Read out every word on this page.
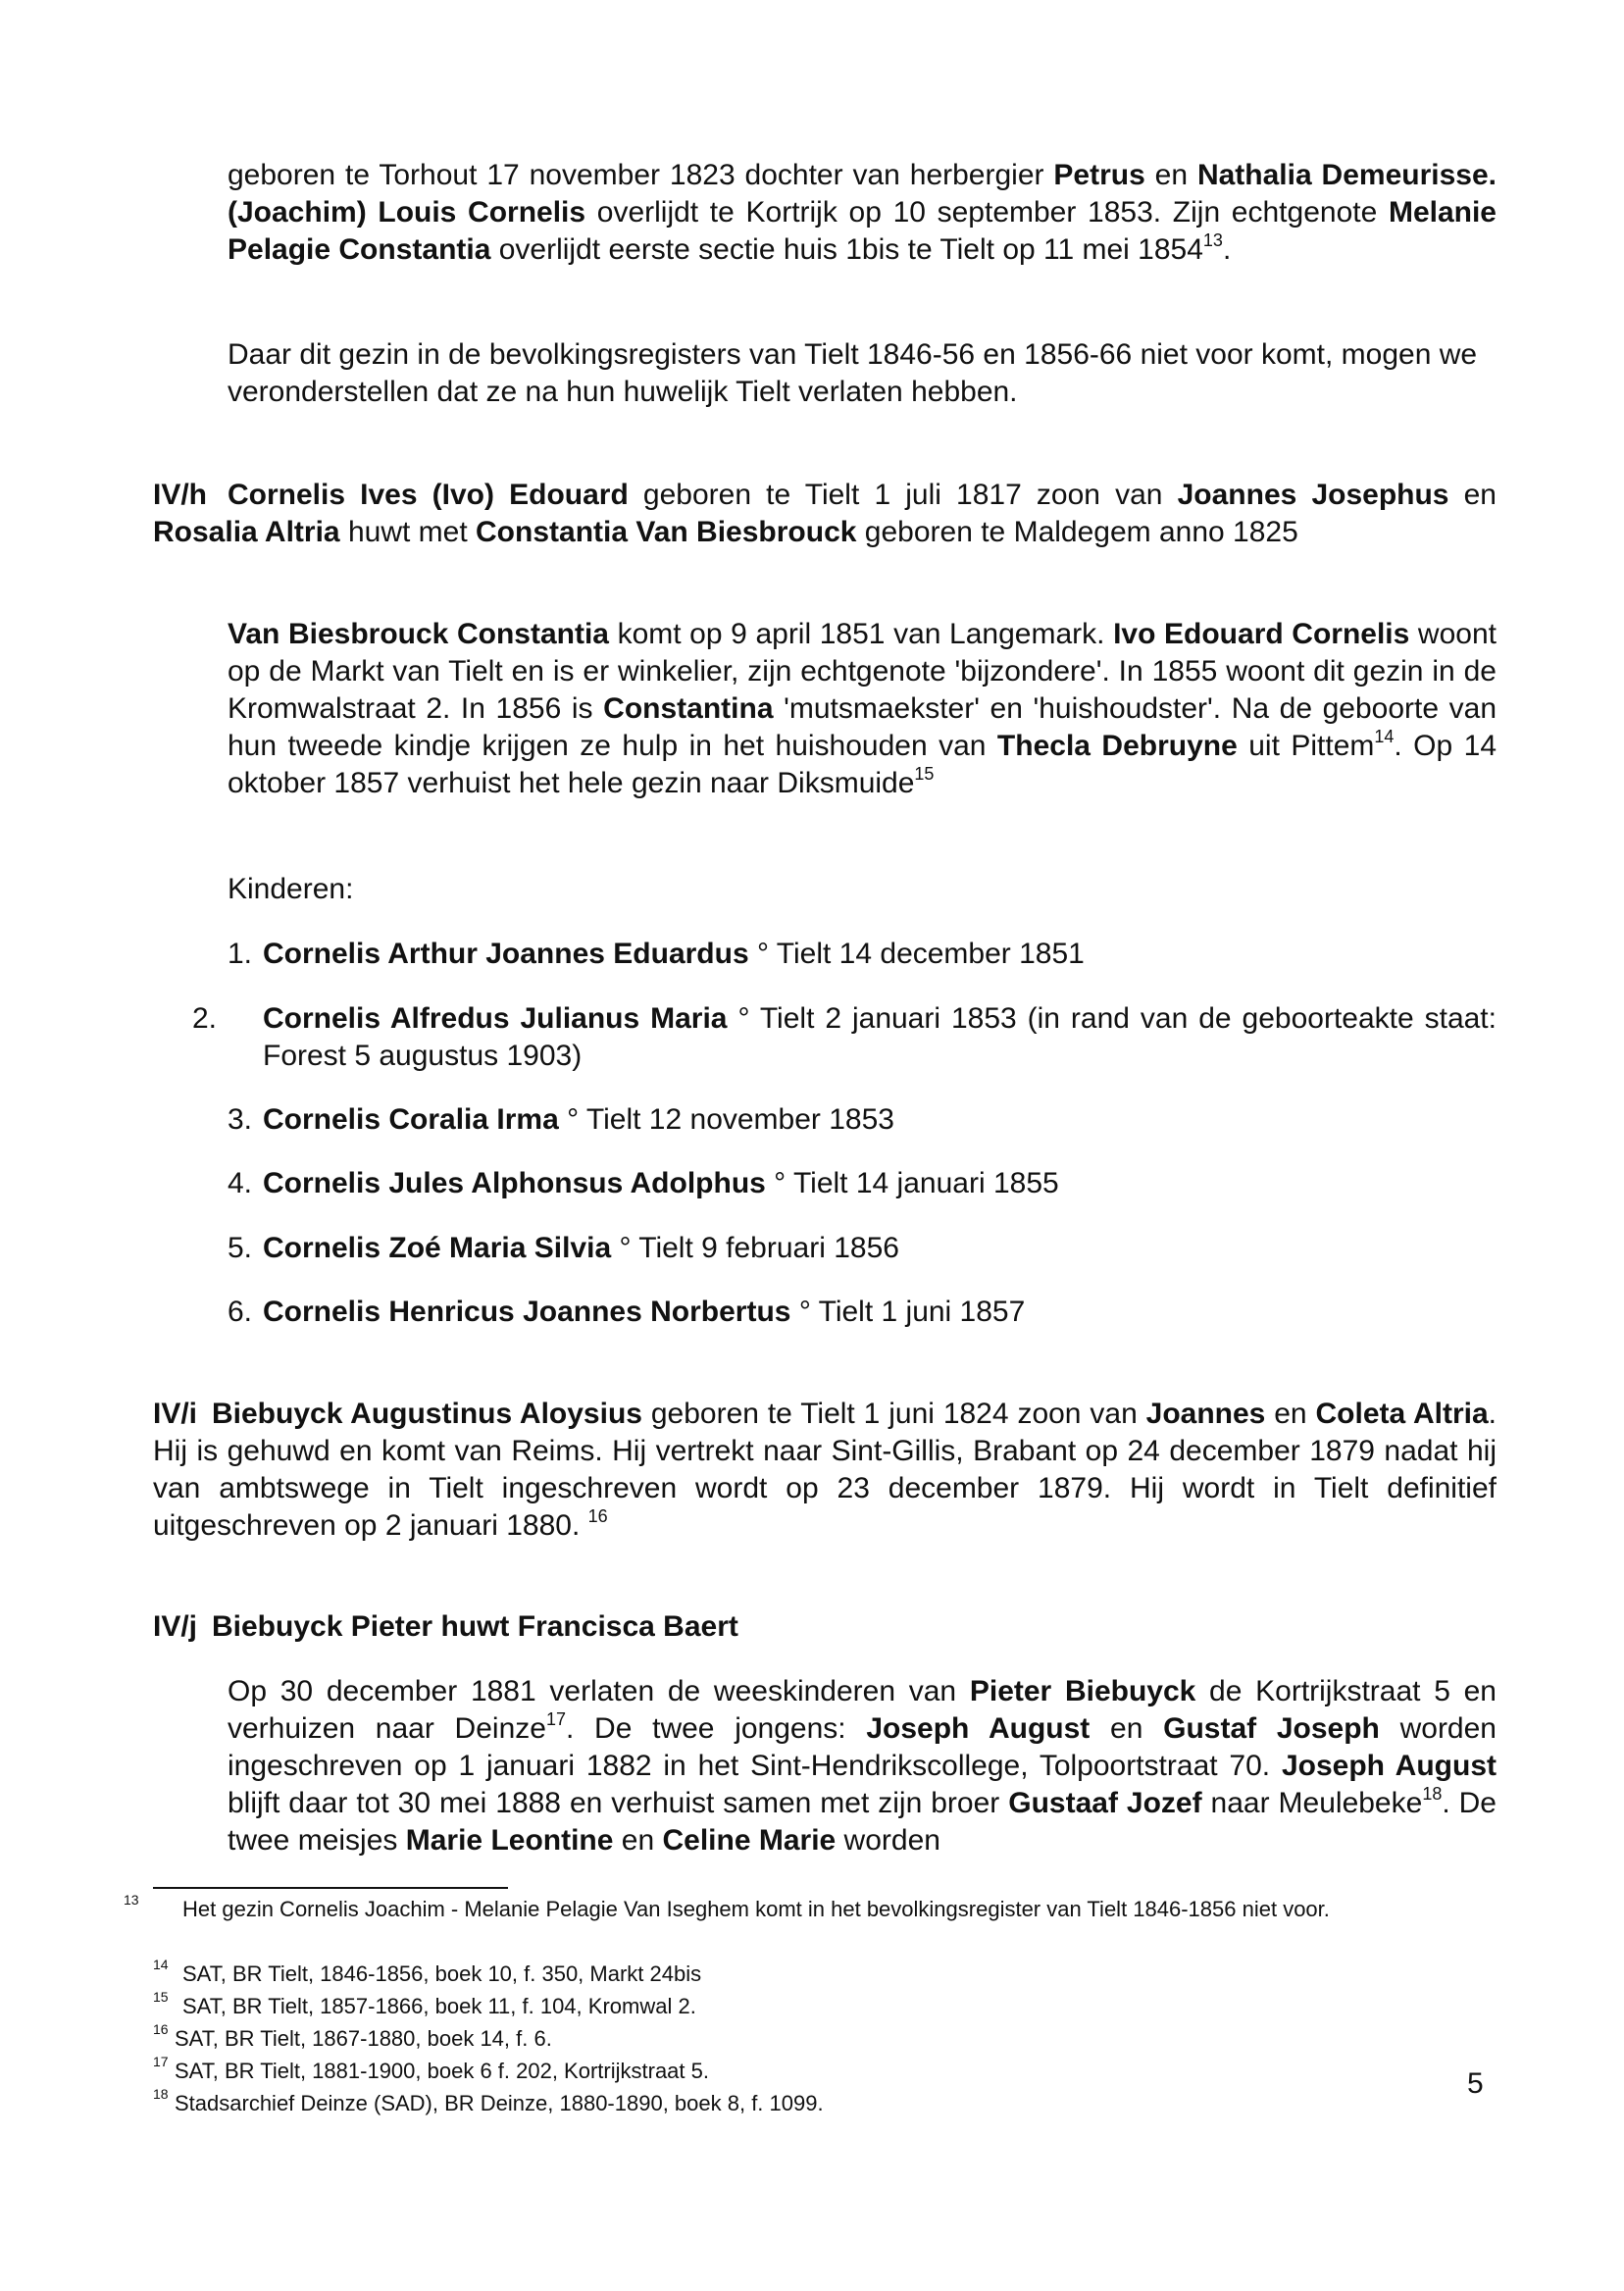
geboren te Torhout 17 november 1823 dochter van herbergier Petrus en Nathalia Demeurisse. (Joachim) Louis Cornelis overlijdt te Kortrijk op 10 september 1853. Zijn echtgenote Melanie Pelagie Constantia overlijdt eerste sectie huis 1bis te Tielt op 11 mei 1854$^{13}$.

Daar dit gezin in de bevolkingsregisters van Tielt 1846-56 en 1856-66 niet voor komt, mogen we veronderstellen dat ze na hun huwelijk Tielt verlaten hebben.

IV/h Cornelis Ives (Ivo) Edouard geboren te Tielt 1 juli 1817 zoon van Joannes Josephus en Rosalia Altria huwt met Constantia Van Biesbrouck geboren te Maldegem anno 1825

Van Biesbrouck Constantia komt op 9 april 1851 van Langemark. Ivo Edouard Cornelis woont op de Markt van Tielt en is er winkelier, zijn echtgenote 'bijzondere'. In 1855 woont dit gezin in de Kromwalstraat 2. In 1856 is Constantina 'mutsmaekster' en 'huishoudster'. Na de geboorte van hun tweede kindje krijgen ze hulp in het huishouden van Thecla Debruyne uit Pittem$^{14}$. Op 14 oktober 1857 verhuist het hele gezin naar Diksmuide$^{15}$

Kinderen:

1. Cornelis Arthur Joannes Eduardus ° Tielt 14 december 1851

2. Cornelis Alfredus Julianus Maria ° Tielt 2 januari 1853 (in rand van de geboorteakte staat: Forest 5 augustus 1903)

3. Cornelis Coralia Irma ° Tielt 12 november 1853

4. Cornelis Jules Alphonsus Adolphus ° Tielt 14 januari 1855

5. Cornelis Zoé Maria Silvia ° Tielt 9 februari 1856

6. Cornelis Henricus Joannes Norbertus ° Tielt 1 juni 1857

IV/i Biebuyck Augustinus Aloysius geboren te Tielt 1 juni 1824 zoon van Joannes en Coleta Altria. Hij is gehuwd en komt van Reims. Hij vertrekt naar Sint-Gillis, Brabant op 24 december 1879 nadat hij van ambtswege in Tielt ingeschreven wordt op 23 december 1879. Hij wordt in Tielt definitief uitgeschreven op 2 januari 1880. $^{16}$

IV/j Biebuyck Pieter huwt Francisca Baert

Op 30 december 1881 verlaten de weeskinderen van Pieter Biebuyck de Kortrijkstraat 5 en verhuizen naar Deinze$^{17}$. De twee jongens: Joseph August en Gustaf Joseph worden ingeschreven op 1 januari 1882 in het Sint-Hendrikscollege, Tolpoortstraat 70. Joseph August blijft daar tot 30 mei 1888 en verhuist samen met zijn broer Gustaaf Jozef naar Meulebeke$^{18}$. De twee meisjes Marie Leontine en Celine Marie worden

$^{13}$ Het gezin Cornelis Joachim - Melanie Pelagie Van Iseghem komt in het bevolkingsregister van Tielt 1846-1856 niet voor.

$^{14}$ SAT, BR Tielt, 1846-1856, boek 10, f. 350, Markt 24bis

$^{15}$ SAT, BR Tielt, 1857-1866, boek 11, f. 104, Kromwal 2.

$^{16}$ SAT, BR Tielt, 1867-1880, boek 14, f. 6.

$^{17}$ SAT, BR Tielt, 1881-1900, boek 6 f. 202, Kortrijkstraat 5.

$^{18}$ Stadsarchief Deinze (SAD), BR Deinze, 1880-1890, boek 8, f. 1099.

5
